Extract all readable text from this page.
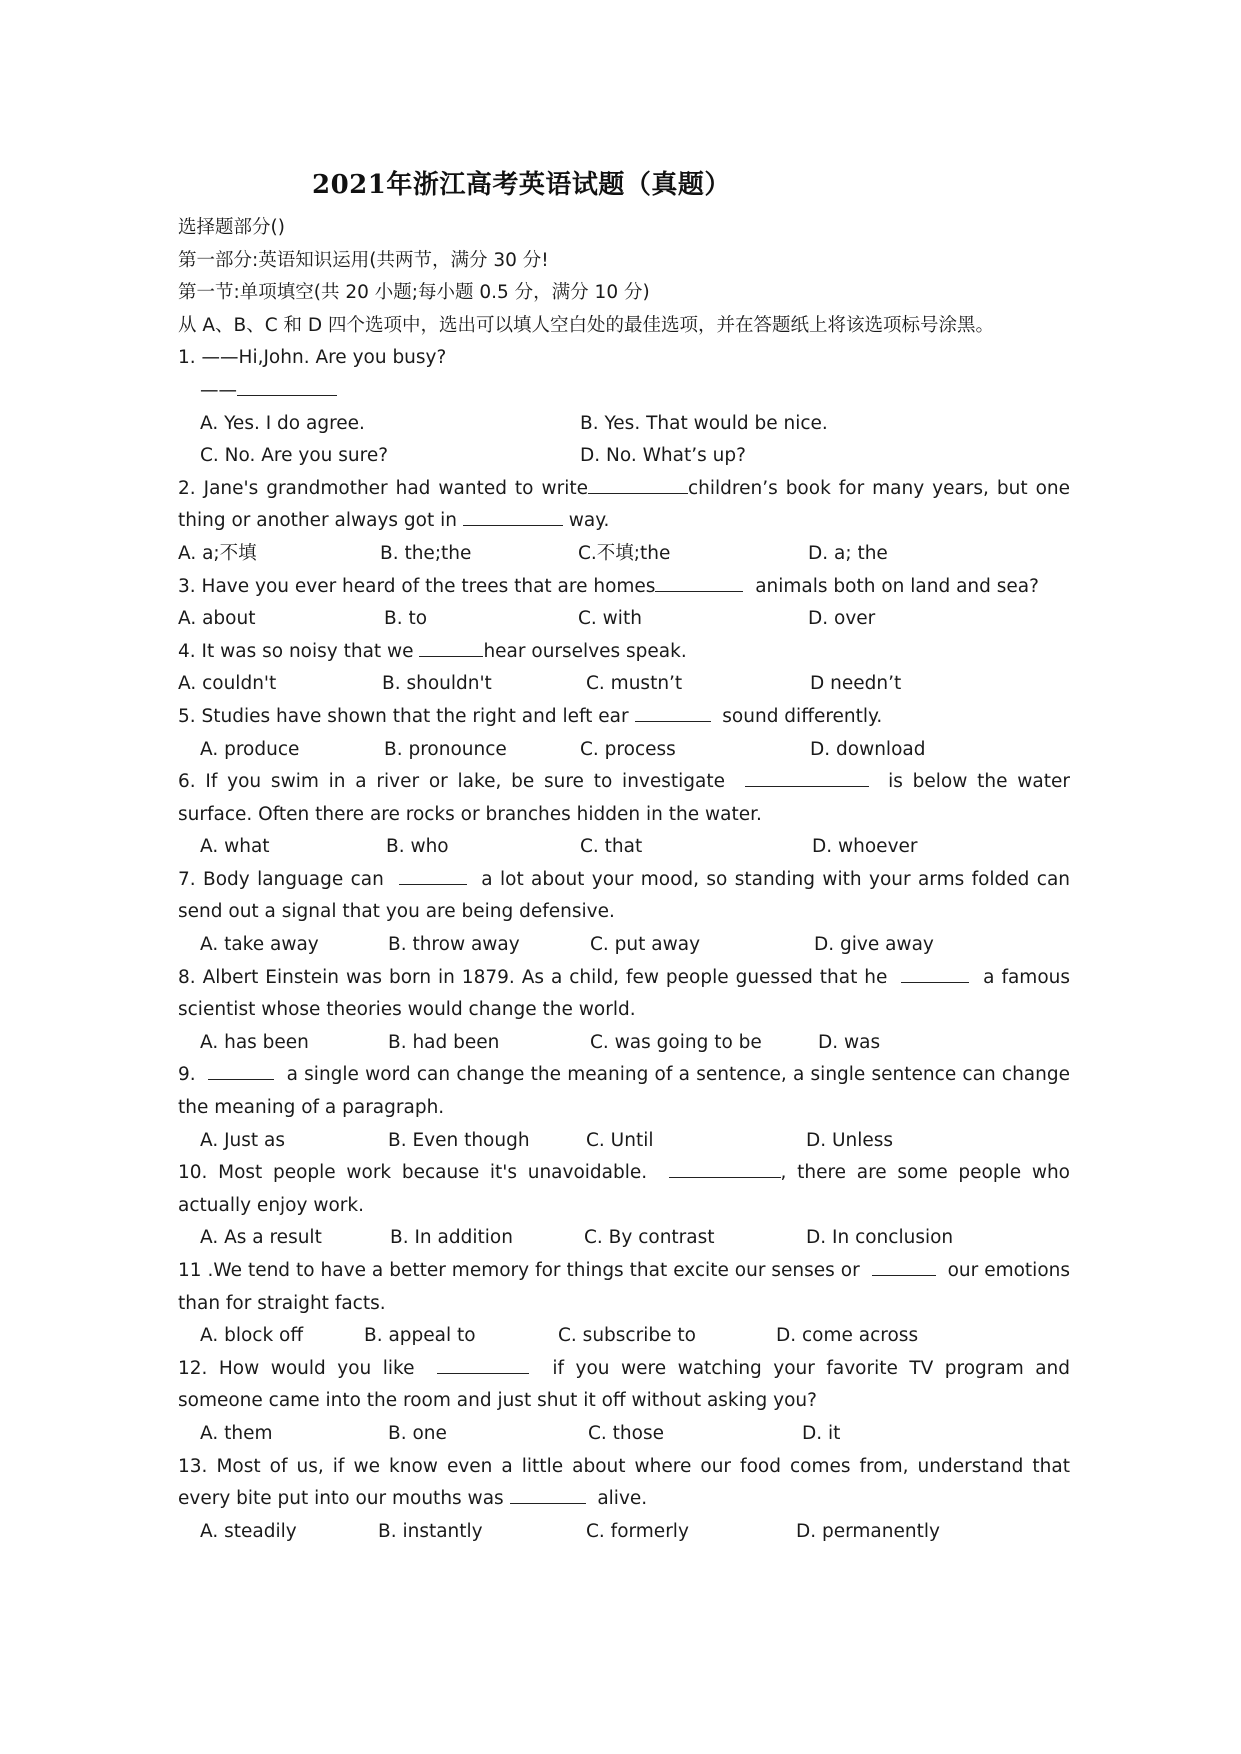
2021年浙江高考英语试题（真题）
选择题部分()
第一部分:英语知识运用(共两节，满分 30 分!
第一节:单项填空(共 20 小题;每小题 0.5 分，满分 10 分)
从 A、B、C 和 D 四个选项中，选出可以填人空白处的最佳选项，并在答题纸上将该选项标号涂黑。
1. ——Hi,John. Are you busy?
——
A. Yes. I do agree.	B. Yes. That would be nice.
C. No. Are you sure?	D. No. What’s up?
2. Jane's grandmother had wanted to write	children’s book for many years, but one thing or another always got in	way.
A. a;不填	B. the;the	C.不填;the	D. a; the
3. Have you ever heard of the trees that are homes	animals both on land and sea?
A. about	B. to	C. with	D. over
4. It was so noisy that we	hear ourselves speak.
A. couldn't	B. shouldn't	C. mustn’t	D needn’t
5. Studies have shown that the right and left ear	sound differently.
A. produce	B. pronounce	C. process	D. download
6. If you swim in a river or lake, be sure to investigate	is below the water surface. Often there are rocks or branches hidden in the water.
A. what	B. who	C. that	D. whoever
7. Body language can	a lot about your mood, so standing with your arms folded can send out a signal that you are being defensive.
A. take away	B. throw away	C. put away	D. give away
8. Albert Einstein was born in 1879. As a child, few people guessed that he	a famous scientist whose theories would change the world.
A. has been	B. had been	C. was going to be	D. was
9.	a single word can change the meaning of a sentence, a single sentence can change the meaning of a paragraph.
A. Just as	B. Even though	C. Until	D. Unless
10. Most people work because it's unavoidable.	, there are some people who actually enjoy work.
A. As a result	B. In addition	C. By contrast	D. In conclusion
11 .We tend to have a better memory for things that excite our senses or	our emotions than for straight facts.
A. block off	B. appeal to	C. subscribe to	D. come across
12. How would you like	if you were watching your favorite TV program and someone came into the room and just shut it off without asking you?
A. them	B. one	C. those	D. it
13. Most of us, if we know even a little about where our food comes from, understand that every bite put into our mouths was	alive.
A. steadily	B. instantly	C. formerly	D. permanently
